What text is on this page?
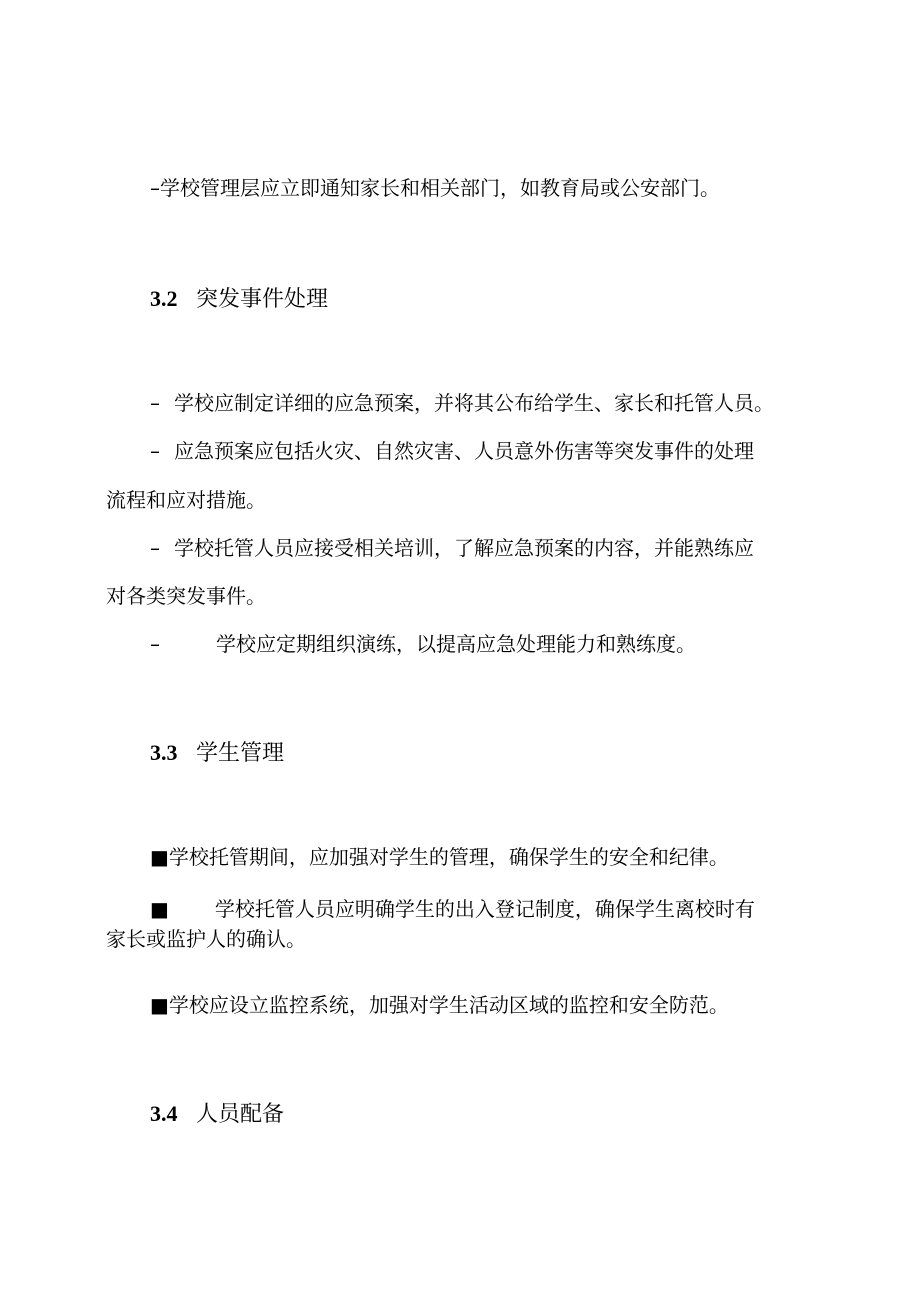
–学校管理层应立即通知家长和相关部门，如教育局或公安部门。
3.2 突发事件处理
– 学校应制定详细的应急预案，并将其公布给学生、家长和托管人员。
– 应急预案应包括火灾、自然灾害、人员意外伤害等突发事件的处理
流程和应对措施。
– 学校托管人员应接受相关培训，了解应急预案的内容，并能熟练应
对各类突发事件。
–	学校应定期组织演练，以提高应急处理能力和熟练度。
3.3 学生管理
■学校托管期间，应加强对学生的管理，确保学生的安全和纪律。
■ 学校托管人员应明确学生的出入登记制度，确保学生离校时有
家长或监护人的确认。
■学校应设立监控系统，加强对学生活动区域的监控和安全防范。
3.4 人员配备
